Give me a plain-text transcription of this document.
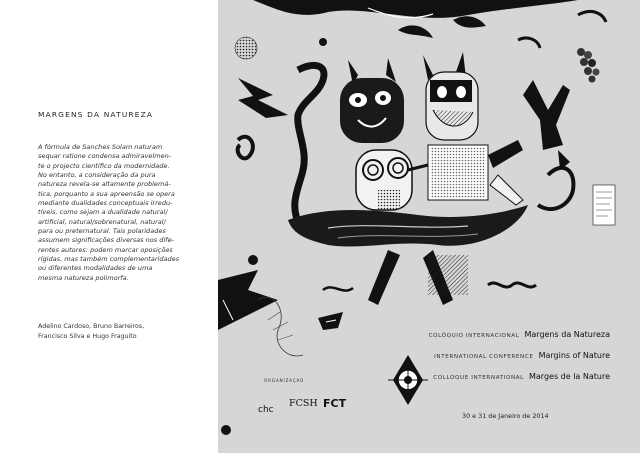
MARGENS DA NATUREZA
A fórmula de Sanches Solam naturam
sequar ratione condensa admiravelmen-
te o projecto científico da modernidade.
No entanto, a consideração da pura
natureza revela-se altamente problemá-
tica, porquanto a sua apreensão se opera
mediante dualidades conceptuais irredu-
tíveis, como sejam a dualidade natural/
artificial, natural/sobrenatural, natural/
para ou preternatural. Tais polaridades
assumem significações diversas nos dife-
rentes autores: podem marcar oposições
rígidas, mas também complementaridades
ou diferentes modalidades de uma
mesma natureza polimorfa.
Adelino Cardoso, Bruno Barreiros,
Francisco Silva e Hugo Fraguito	COLÓQUIO INTERNACIONAL Margens da Natureza
INTERNATIONAL CONFERENCE Margins of Nature
COLLOQUE INTERNATIONAL Marges de la Nature
ORGANIZAÇÃO
chc
FCSH FCT
30 e 31 de Janeiro de 2014
